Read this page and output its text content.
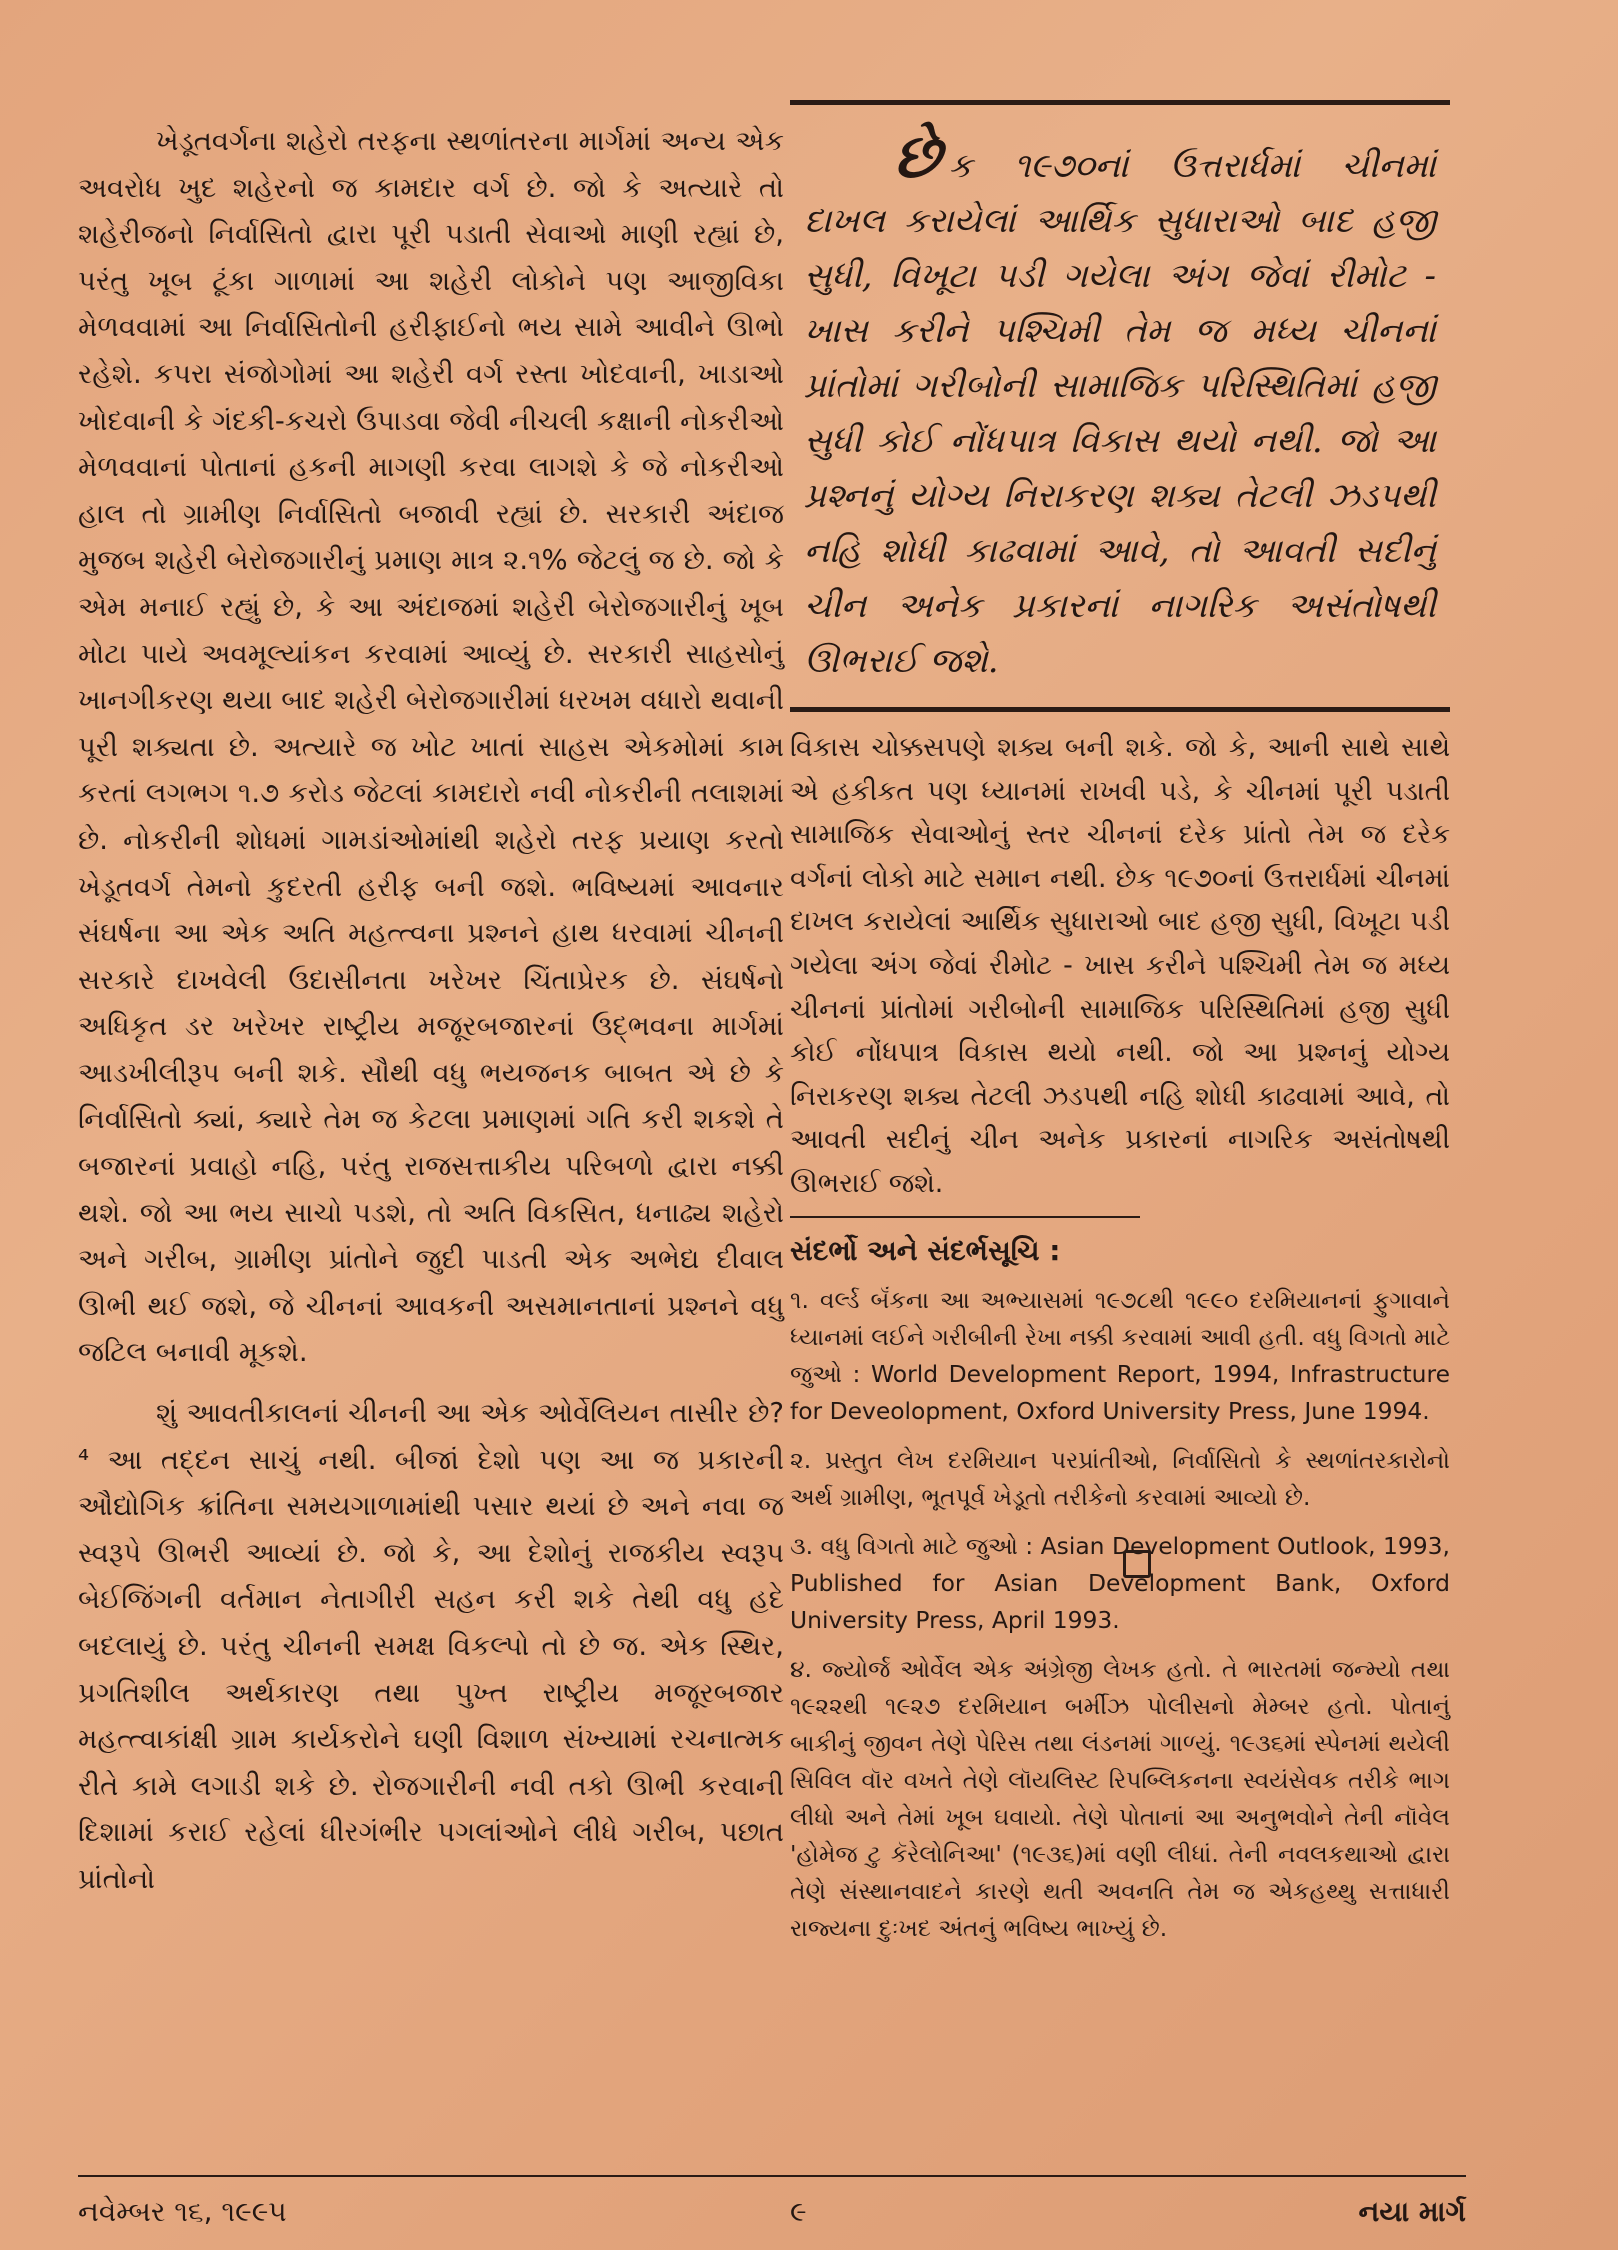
ખેડૂતવર્ગના શહેરો તરફના સ્થળાંતરના માર્ગમાં અન્ય એક અવરોધ ખુદ શહેરનો જ કામદાર વર્ગ છે. જો કે અત્યારે તો શહેરીજનો નિર્વાસિતો દ્વારા પૂરી પડાતી સેવાઓ માણી રહ્યાં છે, પરંતુ ખૂબ ટૂંકા ગાળામાં આ શહેરી લોકોને પણ આજીવિકા મેળવવામાં આ નિર્વાસિતોની હરીફાઈનો ભય સામે આવીને ઊભો રહેશે. કપરા સંજોગોમાં આ શહેરી વર્ગ રસ્તા ખોદવાની, ખાડાઓ ખોદવાની કે ગંદકી-કચરો ઉપાડવા જેવી નીચલી કક્ષાની નોકરીઓ મેળવવાનાં પોતાનાં હકની માગણી કરવા લાગશે કે જે નોકરીઓ હાલ તો ગ્રામીણ નિર્વાસિતો બજાવી રહ્યાં છે. સરકારી અંદાજ મુજબ શહેરી બેરોજગારીનું પ્રમાણ માત્ર ૨.૧% જેટલું જ છે. જો કે એમ મનાઈ રહ્યું છે, કે આ અંદાજમાં શહેરી બેરોજગારીનું ખૂબ મોટા પાયે અવમૂલ્યાંકન કરવામાં આવ્યું છે. સરકારી સાહસોનું ખાનગીકરણ થયા બાદ શહેરી બેરોજગારીમાં ધરખમ વધારો થવાની પૂરી શક્યતા છે. અત્યારે જ ખોટ ખાતાં સાહસ એકમોમાં કામ કરતાં લગભગ ૧.૭ કરોડ જેટલાં કામદારો નવી નોકરીની તલાશમાં છે. નોકરીની શોધમાં ગામડાંઓમાંથી શહેરો તરફ પ્રયાણ કરતો ખેડૂતવર્ગ તેમનો કુદરતી હરીફ બની જશે. ભવિષ્યમાં આવનાર સંઘર્ષના આ એક અતિ મહત્ત્વના પ્રશ્નને હાથ ધરવામાં ચીનની સરકારે દાખવેલી ઉદાસીનતા ખરેખર ચિંતાપ્રેરક છે. સંઘર્ષનો અધિકૃત ડર ખરેખર રાષ્ટ્રીય મજૂરબજારનાં ઉદ્ભવના માર્ગમાં આડખીલીરૂપ બની શકે. સૌથી વધુ ભયજનક બાબત એ છે કે નિર્વાસિતો ક્યાં, ક્યારે તેમ જ કેટલા પ્રમાણમાં ગતિ કરી શકશે તે બજારનાં પ્રવાહો નહિ, પરંતુ રાજસત્તાકીય પરિબળો દ્વારા નક્કી થશે. જો આ ભય સાચો પડશે, તો અતિ વિકસિત, ધનાઢ્ય શહેરો અને ગરીબ, ગ્રામીણ પ્રાંતોને જુદી પાડતી એક અભેદ્ય દીવાલ ઊભી થઈ જશે, જે ચીનનાં આવકની અસમાનતાનાં પ્રશ્નને વધુ જટિલ બનાવી મૂકશે.

શું આવતીકાલનાં ચીનની આ એક ઓર્વેલિયન તાસીર છે?⁴ આ તદ્દન સાચું નથી. બીજાં દેશો પણ આ જ પ્રકારની ઔદ્યોગિક ક્રાંતિના સમયગાળામાંથી પસાર થયાં છે અને નવા જ સ્વરૂપે ઊભરી આવ્યાં છે. જો કે, આ દેશોનું રાજકીય સ્વરૂપ બેઈજિંગની વર્તમાન નેતાગીરી સહન કરી શકે તેથી વધુ હદે બદલાયું છે. પરંતુ ચીનની સમક્ષ વિકલ્પો તો છે જ. એક સ્થિર, પ્રગતિશીલ અર્થકારણ તથા પુખ્ત રાષ્ટ્રીય મજૂરબજાર મહત્ત્વાકાંક્ષી ગ્રામ કાર્યકરોને ઘણી વિશાળ સંખ્યામાં રચનાત્મક રીતે કામે લગાડી શકે છે. રોજગારીની નવી તકો ઊભી કરવાની દિશામાં કરાઈ રહેલાં ધીરગંભીર પગલાંઓને લીધે ગરીબ, પછાત પ્રાંતોનો

છેક ૧૯૭૦નાં ઉત્તરાર્ધમાં ચીનમાં દાખલ કરાયેલાં આર્થિક સુધારાઓ બાદ હજી સુધી, વિખૂટા પડી ગયેલા અંગ જેવાં રીમોટ - ખાસ કરીને પશ્ચિમી તેમ જ મધ્ય ચીનનાં પ્રાંતોમાં ગરીબોની સામાજિક પરિસ્થિતિમાં હજી સુધી કોઈ નોંધપાત્ર વિકાસ થયો નથી. જો આ પ્રશ્નનું યોગ્ય નિરાકરણ શક્ય તેટલી ઝડપથી નહિ શોધી કાઢવામાં આવે, તો આવતી સદીનું ચીન અનેક પ્રકારનાં નાગરિક અસંતોષથી ઊભરાઈ જશે.

વિકાસ ચોક્કસપણે શક્ય બની શકે. જો કે, આની સાથે સાથે એ હકીકત પણ ધ્યાનમાં રાખવી પડે, કે ચીનમાં પૂરી પડાતી સામાજિક સેવાઓનું સ્તર ચીનનાં દરેક પ્રાંતો તેમ જ દરેક વર્ગનાં લોકો માટે સમાન નથી. છેક ૧૯૭૦નાં ઉત્તરાર્ધમાં ચીનમાં દાખલ કરાયેલાં આર્થિક સુધારાઓ બાદ હજી સુધી, વિખૂટા પડી ગયેલા અંગ જેવાં રીમોટ - ખાસ કરીને પશ્ચિમી તેમ જ મધ્ય ચીનનાં પ્રાંતોમાં ગરીબોની સામાજિક પરિસ્થિતિમાં હજી સુધી કોઈ નોંધપાત્ર વિકાસ થયો નથી. જો આ પ્રશ્નનું યોગ્ય નિરાકરણ શક્ય તેટલી ઝડપથી નહિ શોધી કાઢવામાં આવે, તો આવતી સદીનું ચીન અનેક પ્રકારનાં નાગરિક અસંતોષથી ઊભરાઈ જશે.

સંદર્ભો અને સંદર્ભસૂચિ :
૧. વર્લ્ડ બૅંકના આ અભ્યાસમાં ૧૯૭૮થી ૧૯૯૦ દરમિયાનનાં ફુગાવાને ધ્યાનમાં લઈને ગરીબીની રેખા નક્કી કરવામાં આવી હતી. વધુ વિગતો માટે જુઓ : World Development Report, 1994, Infrastructure for Deveolopment, Oxford University Press, June 1994.
૨. પ્રસ્તુત લેખ દરમિયાન પરપ્રાંતીઓ, નિર્વાસિતો કે સ્થળાંતરકારોનો અર્થ ગ્રામીણ, ભૂતપૂર્વ ખેડૂતો તરીકેનો કરવામાં આવ્યો છે.
૩. વધુ વિગતો માટે જુઓ : Asian Development Outlook, 1993, Published for Asian Development Bank, Oxford University Press, April 1993.
૪. જ્યોર્જ ઓર્વેલ એક અંગ્રેજી લેખક હતો. તે ભારતમાં જન્મ્યો તથા ૧૯૨૨થી ૧૯૨૭ દરમિયાન બર્મીઝ પોલીસનો મેમ્બર હતો. પોતાનું બાકીનું જીવન તેણે પેરિસ તથા લંડનમાં ગાળ્યું. ૧૯૩૬માં સ્પેનમાં થયેલી સિવિલ વૉર વખતે તેણે લૉયલિસ્ટ રિપબ્લિકનના સ્વયંસેવક તરીકે ભાગ લીધો અને તેમાં ખૂબ ઘવાયો. તેણે પોતાનાં આ અનુભવોને તેની નૉવેલ 'હોમેજ ટુ કૅરેલોનિઆ' (૧૯૩૬)માં વણી લીધાં. તેની નવલકથાઓ દ્વારા તેણે સંસ્થાનવાદને કારણે થતી અવનતિ તેમ જ એકહથ્થુ સત્તાધારી રાજ્યના દુઃખદ અંતનું ભવિષ્ય ભાખ્યું છે.
નવેમ્બર ૧૬, ૧૯૯૫	૯	નયા માર્ગ
